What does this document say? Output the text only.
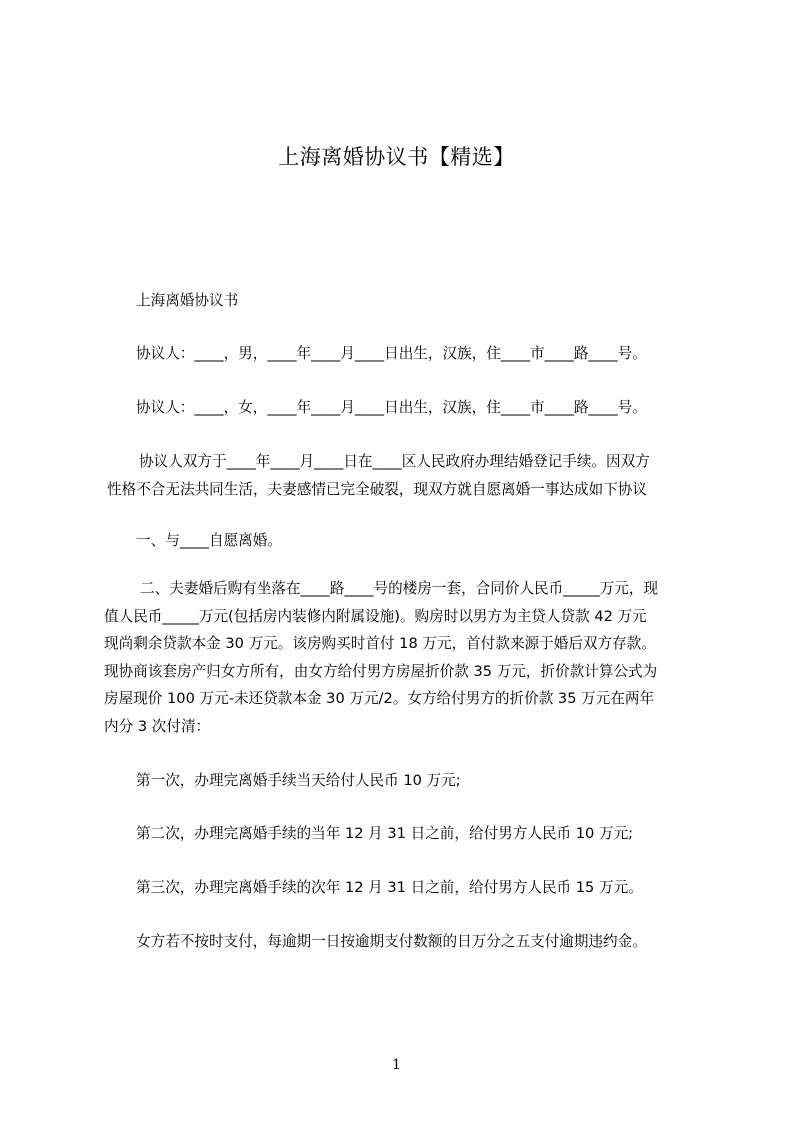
上海离婚协议书【精选】
上海离婚协议书
协议人：____，男，____年____月____日出生，汉族，住____市____路____号。
协议人：____，女，____年____月____日出生，汉族，住____市____路____号。
协议人双方于____年____月____日在____区人民政府办理结婚登记手续。因双方
性格不合无法共同生活，夫妻感情已完全破裂，现双方就自愿离婚一事达成如下协议
一、与____自愿离婚。
二、夫妻婚后购有坐落在____路____号的楼房一套，合同价人民币_____万元，现
值人民币_____万元(包括房内装修内附属设施)。购房时以男方为主贷人贷款 42 万元
现尚剩余贷款本金 30 万元。该房购买时首付 18 万元，首付款来源于婚后双方存款。
现协商该套房产归女方所有，由女方给付男方房屋折价款 35 万元，折价款计算公式为
房屋现价 100 万元-未还贷款本金 30 万元/2。女方给付男方的折价款 35 万元在两年
内分 3 次付清：
第一次，办理完离婚手续当天给付人民币 10 万元;
第二次，办理完离婚手续的当年 12 月 31 日之前，给付男方人民币 10 万元;
第三次，办理完离婚手续的次年 12 月 31 日之前，给付男方人民币 15 万元。
女方若不按时支付，每逾期一日按逾期支付数额的日万分之五支付逾期违约金。
1
